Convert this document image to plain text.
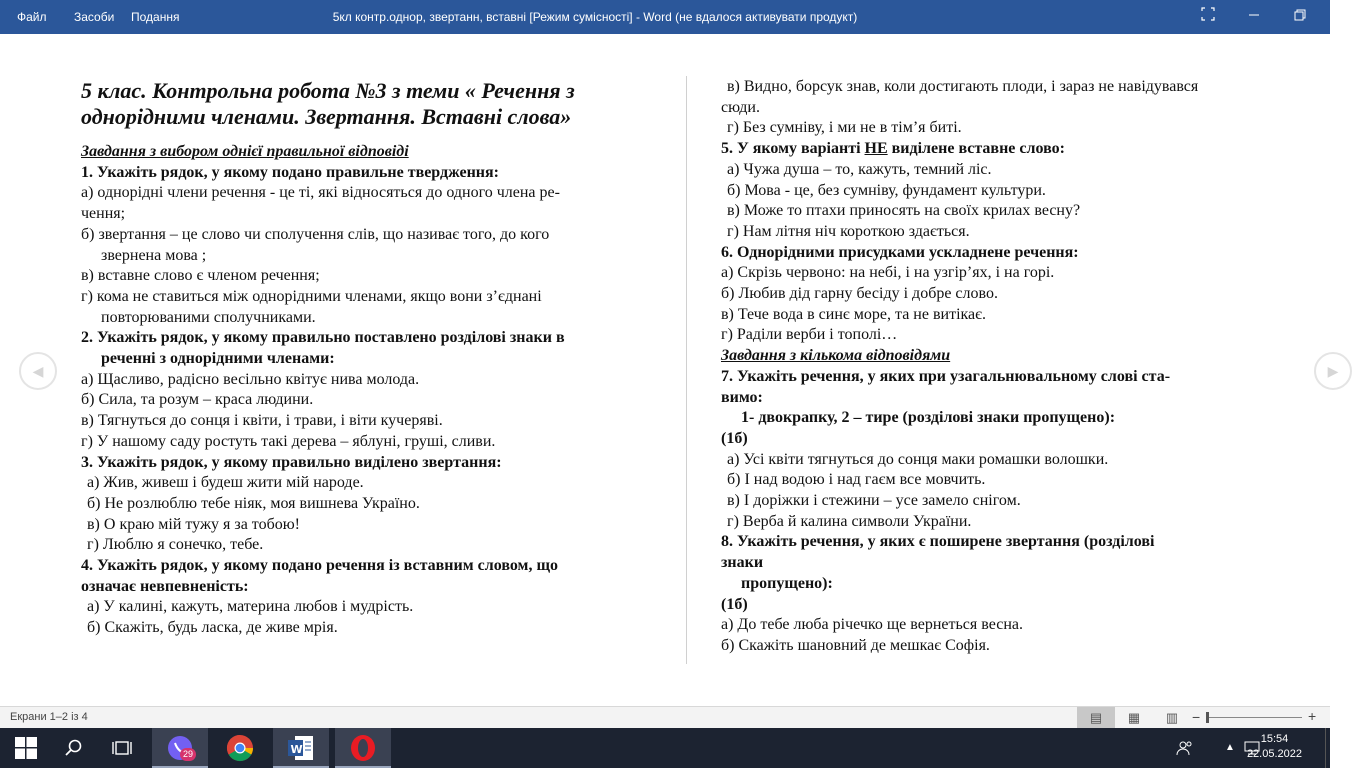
Файл Засоби Подання	5кл контр.однор, звертанн, вставні [Режим сумісності] - Word (не вдалося активувати продукт)
◀	▶

5 клас. Контрольна робота №3 з теми « Речення з однорідними членами. Звертання. Вставні слова»

Завдання з вибором однієї правильної відповіді

1. Укажіть рядок, у якому подано правильне твердження:

а) однорідні члени речення - це ті, які відносяться до одного члена ре-

чення;

б) звертання – це слово чи сполучення слів, що називає того, до кого

звернена мова ;

в) вставне слово є членом речення;

г) кома не ставиться між однорідними членами, якщо вони з’єднані

повторюваними сполучниками.

2. Укажіть рядок, у якому правильно поставлено розділові знаки в

реченні з однорідними членами:

а) Щасливо, радісно весільно квітує нива молода.

б) Сила, та розум – краса людини.

в) Тягнуться до сонця і квіти, і трави, і віти кучеряві.

г) У нашому саду ростуть такі дерева – яблуні, груші, сливи.

3. Укажіть рядок, у якому правильно виділено звертання:

а) Жив, живеш і будеш жити мій народе.

б) Не розлюблю тебе ніяк, моя вишнева Україно.

в) О краю мій тужу я за тобою!

г) Люблю я сонечко, тебе.

4. Укажіть рядок, у якому подано речення із вставним словом, що

означає невпевненість:

а) У калині, кажуть, материна любов і мудрість.

б) Скажіть, будь ласка, де живе мрія.

в) Видно, борсук знав, коли достигають плоди, і зараз не навідувався

сюди.

г) Без сумніву, і ми не в тім’я биті.

5. У якому варіанті НЕ виділене вставне слово:

а) Чужа душа – то, кажуть, темний ліс.

б) Мова - це, без сумніву, фундамент культури.

в) Може то птахи приносять на своїх крилах весну?

г) Нам літня ніч короткою здається.

6. Однорідними присудками ускладнене речення:

а) Скрізь червоно: на небі, і на узгір’ях, і на горі.

б) Любив дід гарну бесіду і добре слово.

в) Тече вода в синє море, та не витікає.

г) Раділи верби і тополі…

Завдання з кількома відповідями

7. Укажіть речення, у яких при узагальнювальному слові ста-

вимо:

1- двокрапку, 2 – тире (розділові знаки пропущено):

(1б)

а) Усі квіти тягнуться до сонця маки ромашки волошки.

б) І над водою і над гаєм все мовчить.

в) І доріжки і стежини – усе замело снігом.

г) Верба й калина символи України.

8. Укажіть речення, у яких є поширене звертання (розділові

знаки

пропущено):

(1б)

а) До тебе люба річечко ще вернеться весна.

б) Скажіть шановний де мешкає Софія.

Екрани 1–2 із 4	▤	▦	▥ −	+
29	W	▲
15:54
22.05.2022
